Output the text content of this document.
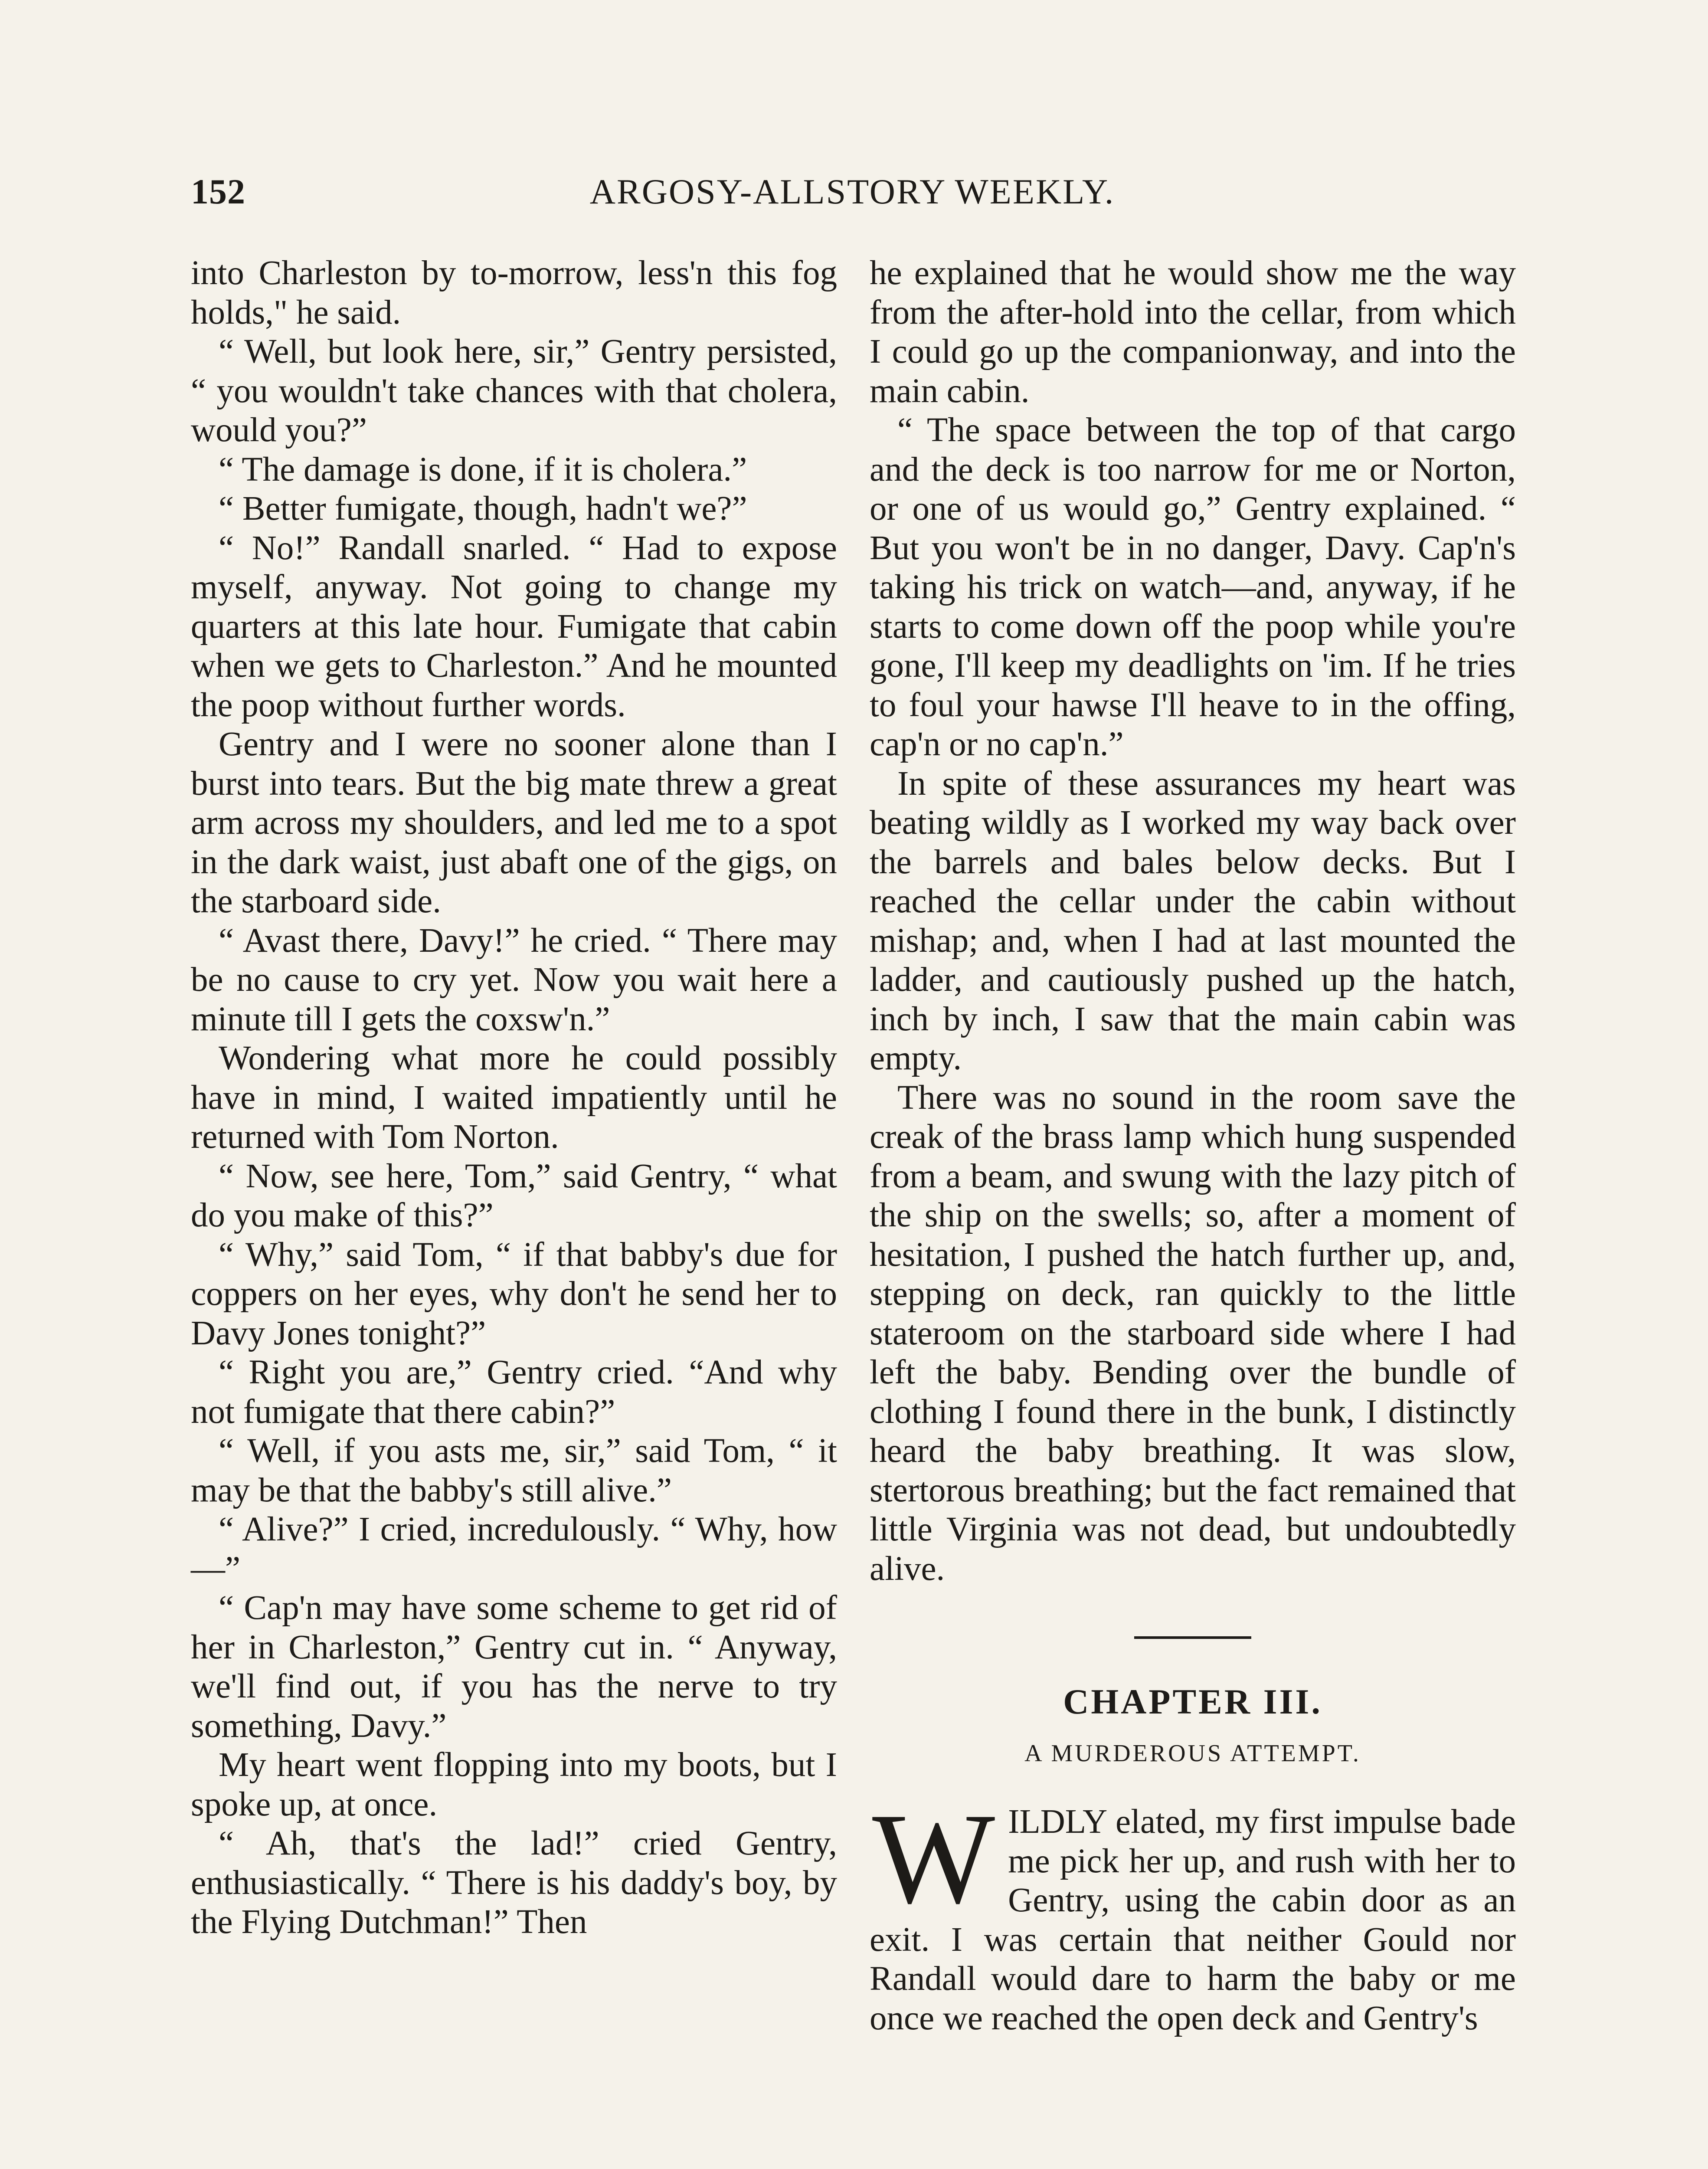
152	ARGOSY-ALLSTORY WEEKLY.

into Charleston by to-morrow, less'n this fog holds," he said.

“ Well, but look here, sir,” Gentry persisted, “ you wouldn't take chances with that cholera, would you?”

“ The damage is done, if it is cholera.”

“ Better fumigate, though, hadn't we?”

“ No!” Randall snarled. “ Had to expose myself, anyway. Not going to change my quarters at this late hour. Fumigate that cabin when we gets to Charleston.” And he mounted the poop without further words.

Gentry and I were no sooner alone than I burst into tears. But the big mate threw a great arm across my shoulders, and led me to a spot in the dark waist, just abaft one of the gigs, on the starboard side.

“ Avast there, Davy!” he cried. “ There may be no cause to cry yet. Now you wait here a minute till I gets the coxsw'n.”

Wondering what more he could possibly have in mind, I waited impatiently until he returned with Tom Norton.

“ Now, see here, Tom,” said Gentry, “ what do you make of this?”

“ Why,” said Tom, “ if that babby's due for coppers on her eyes, why don't he send her to Davy Jones tonight?”

“ Right you are,” Gentry cried. “And why not fumigate that there cabin?”

“ Well, if you asts me, sir,” said Tom, “ it may be that the babby's still alive.”

“ Alive?” I cried, incredulously. “ Why, how—”

“ Cap'n may have some scheme to get rid of her in Charleston,” Gentry cut in. “ Anyway, we'll find out, if you has the nerve to try something, Davy.”

My heart went flopping into my boots, but I spoke up, at once.

“ Ah, that's the lad!” cried Gentry, enthusiastically. “ There is his daddy's boy, by the Flying Dutchman!” Then

he explained that he would show me the way from the after-hold into the cellar, from which I could go up the companionway, and into the main cabin.

“ The space between the top of that cargo and the deck is too narrow for me or Norton, or one of us would go,” Gentry explained. “ But you won't be in no danger, Davy. Cap'n's taking his trick on watch—and, anyway, if he starts to come down off the poop while you're gone, I'll keep my deadlights on 'im. If he tries to foul your hawse I'll heave to in the offing, cap'n or no cap'n.”

In spite of these assurances my heart was beating wildly as I worked my way back over the barrels and bales below decks. But I reached the cellar under the cabin without mishap; and, when I had at last mounted the ladder, and cautiously pushed up the hatch, inch by inch, I saw that the main cabin was empty.

There was no sound in the room save the creak of the brass lamp which hung suspended from a beam, and swung with the lazy pitch of the ship on the swells; so, after a moment of hesitation, I pushed the hatch further up, and, stepping on deck, ran quickly to the little stateroom on the starboard side where I had left the baby. Bending over the bundle of clothing I found there in the bunk, I distinctly heard the baby breathing. It was slow, stertorous breathing; but the fact remained that little Virginia was not dead, but undoubtedly alive.

CHAPTER III.
A MURDEROUS ATTEMPT.

WILDLY elated, my first impulse bade me pick her up, and rush with her to Gentry, using the cabin door as an exit. I was certain that neither Gould nor Randall would dare to harm the baby or me once we reached the open deck and Gentry's
